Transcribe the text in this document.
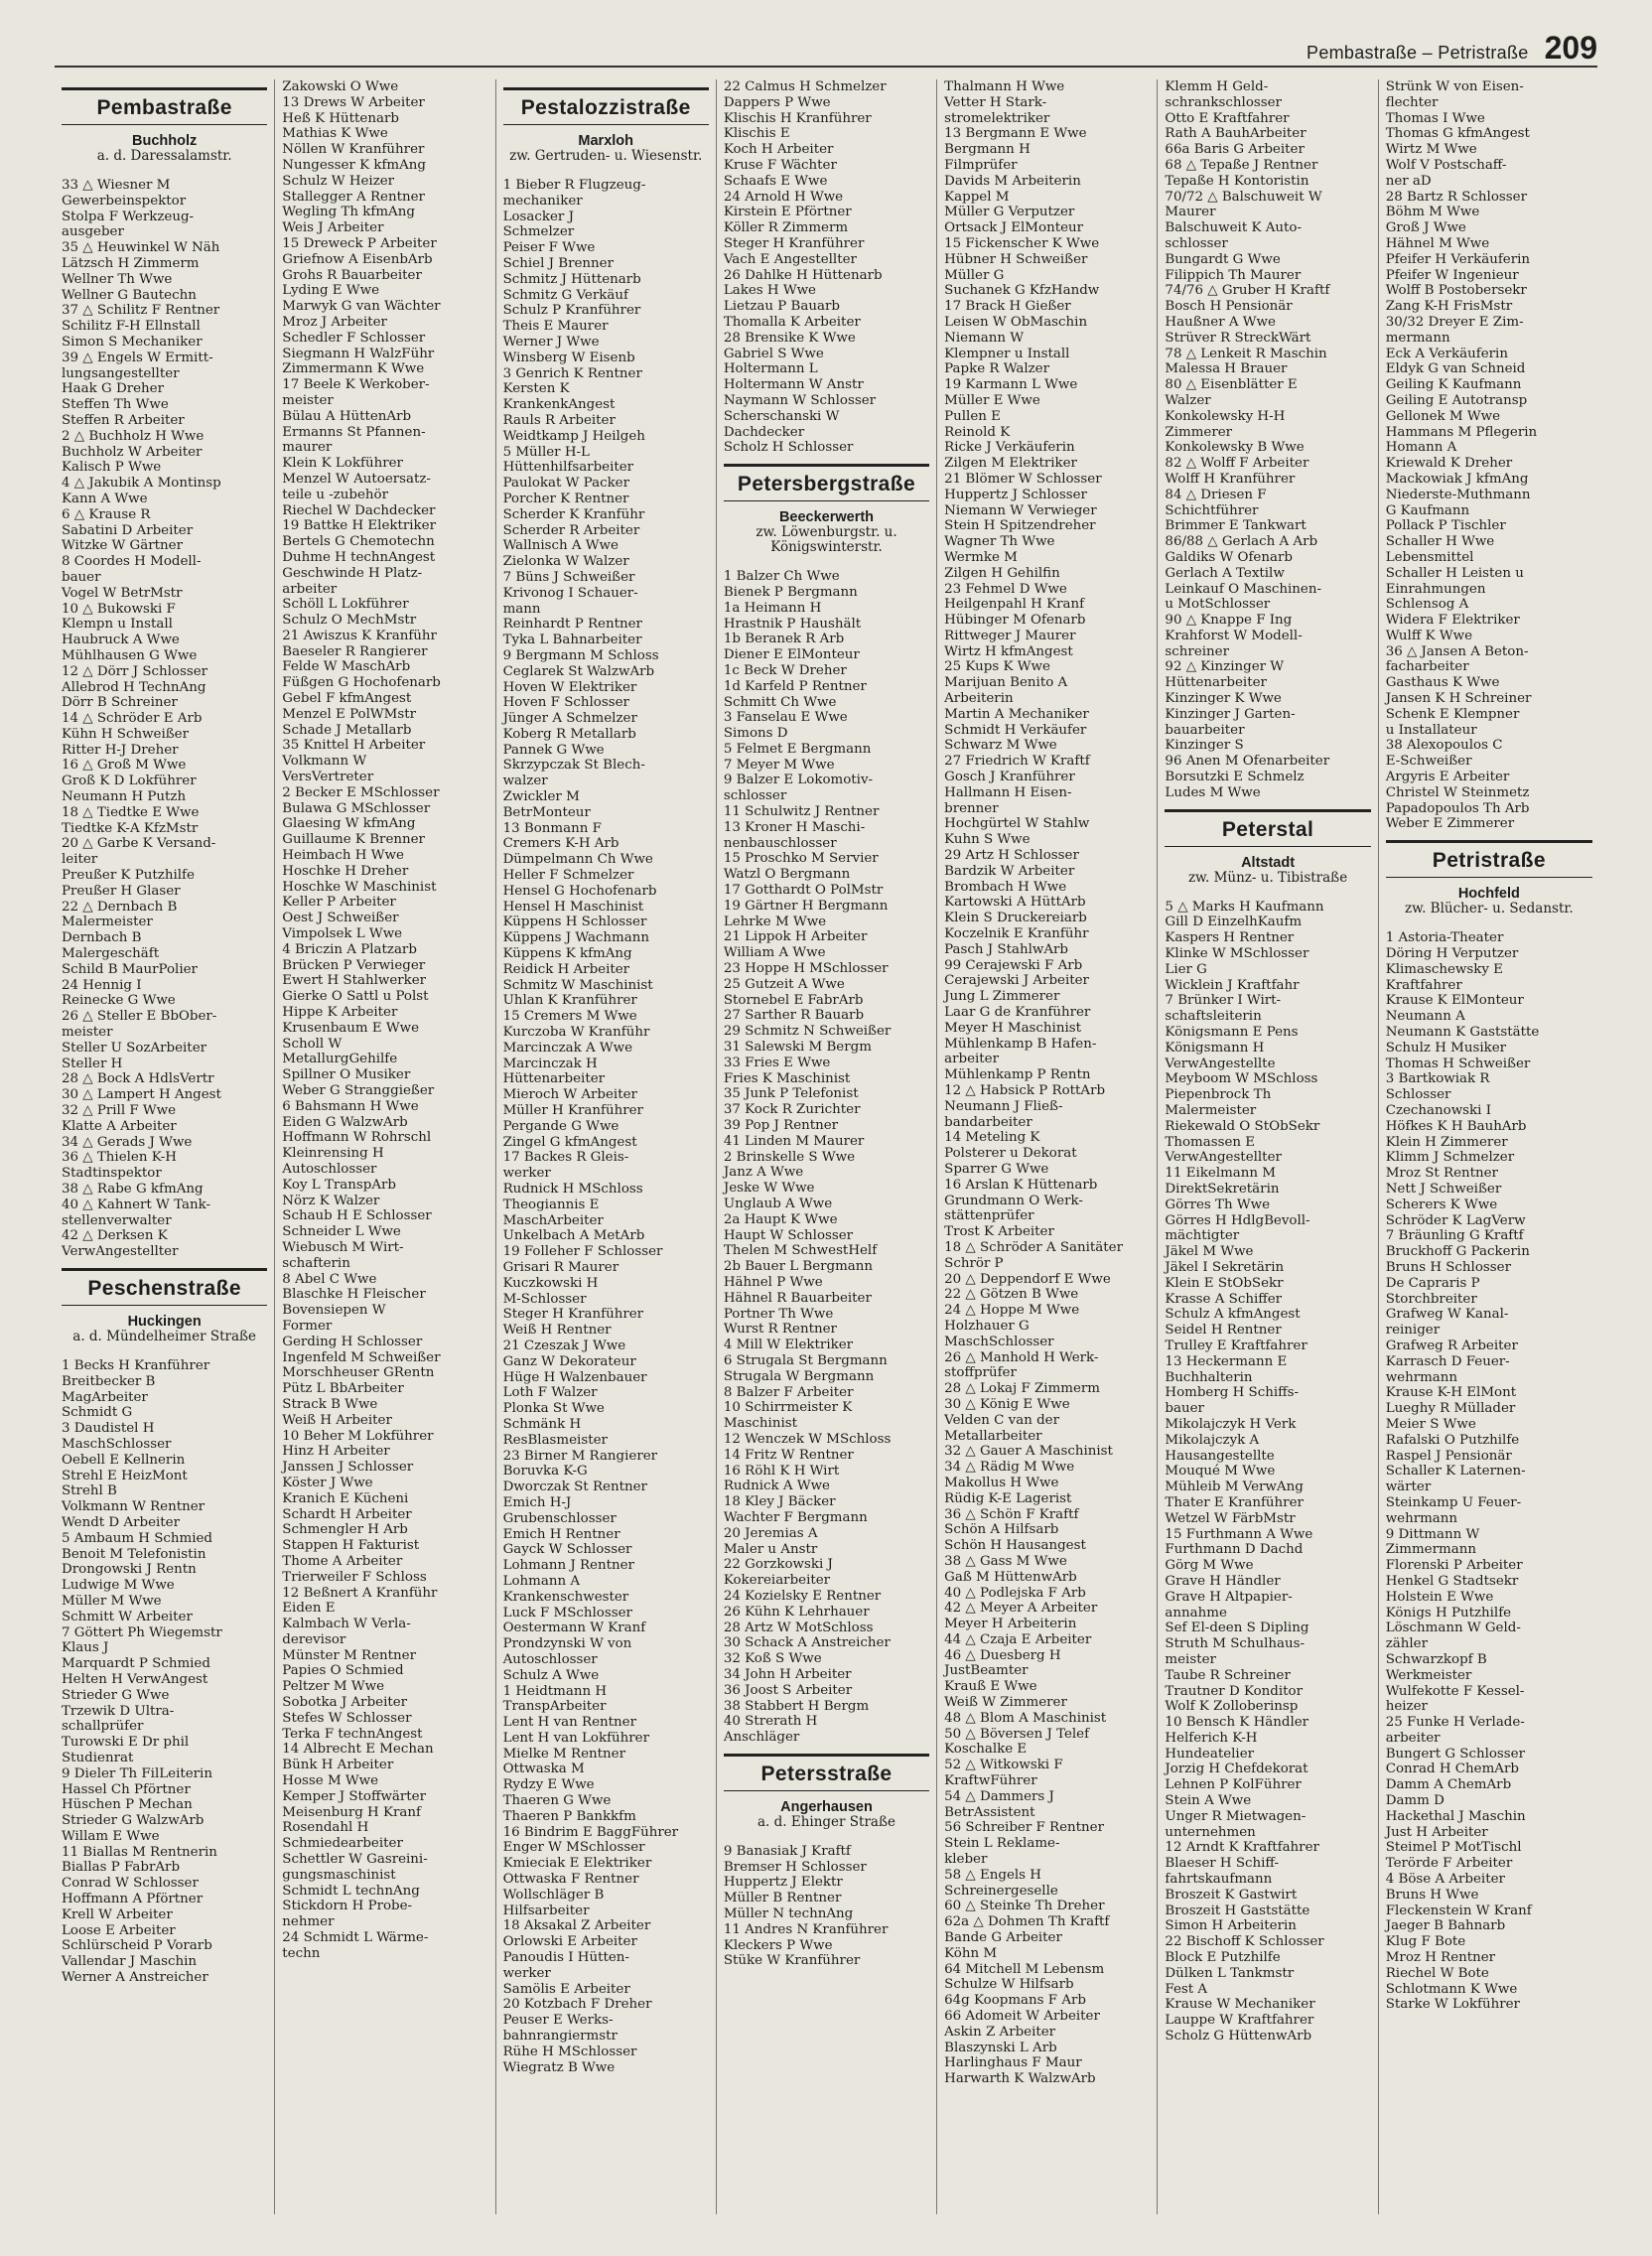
Pembastraße – Petristraße 209
Pembastraße
Buchholz
a. d. Daressalamstr.
33 △ Wiesner M
Gewerbeinspektor
Stolpa F Werkzeug-
ausgeber
35 △ Heuwinkel W Näh
Lätzsch H Zimmerm
Wellner Th Wwe
Wellner G Bautechn
37 △ Schilitz F Rentner
Schilitz F-H Ellnstall
Simon S Mechaniker
39 △ Engels W Ermitt-
lungsangestellter
Haak G Dreher
Steffen Th Wwe
Steffen R Arbeiter
2 △ Buchholz H Wwe
Buchholz W Arbeiter
Kalisch P Wwe
4 △ Jakubik A Montinsp
Kann A Wwe
6 △ Krause R
Sabatini D Arbeiter
Witzke W Gärtner
8 Coordes H Modell-
bauer
Vogel W BetrMstr
10 △ Bukowski F
Klempn u Install
Haubruck A Wwe
Mühlhausen G Wwe
12 △ Dörr J Schlosser
Allebrod H TechnAng
Dörr B Schreiner
14 △ Schröder E Arb
Kühn H Schweißer
Ritter H-J Dreher
16 △ Groß M Wwe
Groß K D Lokführer
Neumann H Putzh
18 △ Tiedtke E Wwe
Tiedtke K-A KfzMstr
20 △ Garbe K Versand-
leiter
Preußer K Putzhilfe
Preußer H Glaser
22 △ Dernbach B
Malermeister
Dernbach B
Malergeschäft
Schild B MaurPolier
24 Hennig I
Reinecke G Wwe
26 △ Steller E BbOber-
meister
Steller U SozArbeiter
Steller H
28 △ Bock A HdlsVertr
30 △ Lampert H Angest
32 △ Prill F Wwe
Klatte A Arbeiter
34 △ Gerads J Wwe
36 △ Thielen K-H
Stadtinspektor
38 △ Rabe G kfmAng
40 △ Kahnert W Tank-
stellenverwalter
42 △ Derksen K
VerwAngestellter
Peschenstraße
Huckingen
a. d. Mündelheimer Straße
1 Becks H Kranführer
Breitbecker B
MagArbeiter
Schmidt G
3 Daudistel H
MaschSchlosser
Oebell E Kellnerin
Strehl E HeizMont
Strehl B
Volkmann W Rentner
Wendt D Arbeiter
5 Ambaum H Schmied
Benoit M Telefonistin
Drongowski J Rentn
Ludwige M Wwe
Müller M Wwe
Schmitt W Arbeiter
7 Göttert Ph Wiegemstr
Klaus J
Marquardt P Schmied
Helten H VerwAngest
Strieder G Wwe
Trzewik D Ultra-
schallprüfer
Turowski E Dr phil
Studienrat
9 Dieler Th FilLeiterin
Hassel Ch Pförtner
Hüschen P Mechan
Strieder G WalzwArb
Willam E Wwe
11 Biallas M Rentnerin
Biallas P FabrArb
Conrad W Schlosser
Hoffmann A Pförtner
Krell W Arbeiter
Loose E Arbeiter
Schlürscheid P Vorarb
Vallendar J Maschin
Werner A Anstreicher
Zakowski O Wwe
13 Drews W Arbeiter
Heß K Hüttenarb
Mathias K Wwe
Nöllen W Kranführer
Nungesser K kfmAng
Schulz W Heizer
Stallegger A Rentner
Wegling Th kfmAng
Weis J Arbeiter
15 Dreweck P Arbeiter
Griefnow A EisenbArb
Grohs R Bauarbeiter
Lyding E Wwe
Marwyk G van Wächter
Mroz J Arbeiter
Schedler F Schlosser
Siegmann H WalzFühr
Zimmermann K Wwe
17 Beele K Werkober-
meister
Bülau A HüttenArb
Ermanns St Pfannen-
maurer
Klein K Lokführer
Menzel W Autoersatz-
teile u -zubehör
Riechel W Dachdecker
19 Battke H Elektriker
Bertels G Chemotechn
Duhme H technAngest
Geschwinde H Platz-
arbeiter
Schöll L Lokführer
Schulz O MechMstr
21 Awiszus K Kranführ
Baeseler R Rangierer
Felde W MaschArb
Füßgen G Hochofenarb
Gebel F kfmAngest
Menzel E PolWMstr
Schade J Metallarb
35 Knittel H Arbeiter
Volkmann W
VersVertreter
2 Becker E MSchlosser
Bulawa G MSchlosser
Glaesing W kfmAng
Guillaume K Brenner
Heimbach H Wwe
Hoschke H Dreher
Hoschke W Maschinist
Keller P Arbeiter
Oest J Schweißer
Vimpolsek L Wwe
4 Briczin A Platzarb
Brücken P Verwieger
Ewert H Stahlwerker
Gierke O Sattl u Polst
Hippe K Arbeiter
Krusenbaum E Wwe
Scholl W
MetallurgGehilfe
Spillner O Musiker
Weber G Stranggießer
6 Bahsmann H Wwe
Eiden G WalzwArb
Hoffmann W Rohrschl
Kleinrensing H
Autoschlosser
Koy L TranspArb
Nörz K Walzer
Schaub H E Schlosser
Schneider L Wwe
Wiebusch M Wirt-
schafterin
8 Abel C Wwe
Blaschke H Fleischer
Bovensiepen W
Former
Gerding H Schlosser
Ingenfeld M Schweißer
Morschheuser GRentn
Pütz L BbArbeiter
Strack B Wwe
Weiß H Arbeiter
10 Beher M Lokführer
Hinz H Arbeiter
Janssen J Schlosser
Köster J Wwe
Kranich E Kücheni
Schardt H Arbeiter
Schmengler H Arb
Stappen H Fakturist
Thome A Arbeiter
Trierweiler F Schloss
12 Beßnert A Kranführ
Eiden E
Kalmbach W Verla-
derevisor
Münster M Rentner
Papies O Schmied
Peltzer M Wwe
Sobotka J Arbeiter
Stefes W Schlosser
Terka F technAngest
14 Albrecht E Mechan
Bünk H Arbeiter
Hosse M Wwe
Kemper J Stoffwärter
Meisenburg H Kranf
Rosendahl H
Schmiedearbeiter
Schettler W Gasreini-
gungsmaschinist
Schmidt L technAng
Stickdorn H Probe-
nehmer
24 Schmidt L Wärme-
techn
Pestalozzistraße
Marxloh
zw. Gertruden- u. Wiesenstr.
1 Bieber R Flugzeug-
mechaniker
Losacker J
Schmelzer
Peiser F Wwe
Schiel J Brenner
Schmitz J Hüttenarb
Schmitz G Verkäuf
Schulz P Kranführer
Theis E Maurer
Werner J Wwe
Winsberg W Eisenb
3 Genrich K Rentner
Kersten K
KrankenkAngest
Rauls R Arbeiter
Weidtkamp J Heilgeh
5 Müller H-L
Hüttenhilfsarbeiter
Paulokat W Packer
Porcher K Rentner
Scherder K Kranführ
Scherder R Arbeiter
Wallnisch A Wwe
Zielonka W Walzer
7 Büns J Schweißer
Krivonog I Schauer-
mann
Reinhardt P Rentner
Tyka L Bahnarbeiter
9 Bergmann M Schloss
Ceglarek St WalzwArb
Hoven W Elektriker
Hoven F Schlosser
Jünger A Schmelzer
Koberg R Metallarb
Pannek G Wwe
Skrzypczak St Blech-
walzer
Zwickler M
BetrMonteur
13 Bonmann F
Cremers K-H Arb
Dümpelmann Ch Wwe
Heller F Schmelzer
Hensel G Hochofenarb
Hensel H Maschinist
Küppens H Schlosser
Küppens J Wachmann
Küppens K kfmAng
Reidick H Arbeiter
Schmitz W Maschinist
Uhlan K Kranführer
15 Cremers M Wwe
Kurczoba W Kranführ
Marcinczak A Wwe
Marcinczak H
Hüttenarbeiter
Mieroch W Arbeiter
Müller H Kranführer
Pergande G Wwe
Zingel G kfmAngest
17 Backes R Gleis-
werker
Rudnick H MSchloss
Theogiannis E
MaschArbeiter
Unkelbach A MetArb
19 Folleher F Schlosser
Grisari R Maurer
Kuczkowski H
M-Schlosser
Steger H Kranführer
Weiß H Rentner
21 Czeszak J Wwe
Ganz W Dekorateur
Hüge H Walzenbauer
Loth F Walzer
Plonka St Wwe
Schmänk H
ResBlasmeister
23 Birner M Rangierer
Boruvka K-G
Dworczak St Rentner
Emich H-J
Grubenschlosser
Emich H Rentner
Gayck W Schlosser
Lohmann J Rentner
Lohmann A
Krankenschwester
Luck F MSchlosser
Oestermann W Kranf
Prondzynski W von
Autoschlosser
Schulz A Wwe
1 Heidtmann H
TranspArbeiter
Lent H van Rentner
Lent H van Lokführer
Mielke M Rentner
Ottwaska M
Rydzy E Wwe
Thaeren G Wwe
Thaeren P Bankkfm
16 Bindrim E BaggFührer
Enger W MSchlosser
Kmieciak E Elektriker
Ottwaska F Rentner
Wollschläger B
Hilfsarbeiter
18 Aksakal Z Arbeiter
Orlowski E Arbeiter
Panoudis I Hütten-
werker
Samölis E Arbeiter
20 Kotzbach F Dreher
Peuser E Werks-
bahnrangiermstr
Rühe H MSchlosser
Wiegratz B Wwe
22 Calmus H Schmelzer
Dappers P Wwe
Klischis H Kranführer
Klischis E
Koch H Arbeiter
Kruse F Wächter
Schaafs E Wwe
24 Arnold H Wwe
Kirstein E Pförtner
Köller R Zimmerm
Steger H Kranführer
Vach E Angestellter
26 Dahlke H Hüttenarb
Lakes H Wwe
Lietzau P Bauarb
Thomalla K Arbeiter
28 Brensike K Wwe
Gabriel S Wwe
Holtermann L
Holtermann W Anstr
Naymann W Schlosser
Scherschanski W
Dachdecker
Scholz H Schlosser
Petersbergstraße
Beeckerwerth
zw. Löwenburgstr. u. Königswinterstr.
1 Balzer Ch Wwe
Bienek P Bergmann
1a Heimann H
Hrastnik P Haushält
1b Beranek R Arb
Diener E ElMonteur
1c Beck W Dreher
1d Karfeld P Rentner
Schmitt Ch Wwe
3 Fanselau E Wwe
Simons D
5 Felmet E Bergmann
7 Meyer M Wwe
9 Balzer E Lokomotiv-
schlosser
11 Schulwitz J Rentner
13 Kroner H Maschi-
nenbauschlosser
15 Proschko M Servier
Watzl O Bergmann
17 Gotthardt O PolMstr
19 Gärtner H Bergmann
Lehrke M Wwe
21 Lippok H Arbeiter
William A Wwe
23 Hoppe H MSchlosser
25 Gutzeit A Wwe
Stornebel E FabrArb
27 Sarther R Bauarb
29 Schmitz N Schweißer
31 Salewski M Bergm
33 Fries E Wwe
Fries K Maschinist
35 Junk P Telefonist
37 Kock R Zurichter
39 Pop J Rentner
41 Linden M Maurer
2 Brinskelle S Wwe
Janz A Wwe
Jeske W Wwe
Unglaub A Wwe
2a Haupt K Wwe
Haupt W Schlosser
Thelen M SchwestHelf
2b Bauer L Bergmann
Hähnel P Wwe
Hähnel R Bauarbeiter
Portner Th Wwe
Wurst R Rentner
4 Mill W Elektriker
6 Strugala St Bergmann
Strugala W Bergmann
8 Balzer F Arbeiter
10 Schirrmeister K
Maschinist
12 Wenczek W MSchloss
14 Fritz W Rentner
16 Röhl K H Wirt
Rudnick A Wwe
18 Kley J Bäcker
Wachter F Bergmann
20 Jeremias A
Maler u Anstr
22 Gorzkowski J
Kokereiarbeiter
24 Kozielsky E Rentner
26 Kühn K Lehrhauer
28 Artz W MotSchloss
30 Schack A Anstreicher
32 Koß S Wwe
34 John H Arbeiter
36 Joost S Arbeiter
38 Stabbert H Bergm
40 Strerath H
Anschläger
Petersstraße
Angerhausen
a. d. Ehinger Straße
9 Banasiak J Kraftf
Bremser H Schlosser
Huppertz J Elektr
Müller B Rentner
Müller N technAng
11 Andres N Kranführer
Kleckers P Wwe
Stüke W Kranführer
Thalmann H Wwe
Vetter H Stark-
stromelektriker
13 Bergmann E Wwe
Bergmann H
Filmprüfer
Davids M Arbeiterin
Kappel M
Müller G Verputzer
Ortsack J ElMonteur
15 Fickenscher K Wwe
Hübner H Schweißer
Müller G
Suchanek G KfzHandw
17 Brack H Gießer
Leisen W ObMaschin
Niemann W
Klempner u Install
Papke R Walzer
19 Karmann L Wwe
Müller E Wwe
Pullen E
Reinold K
Ricke J Verkäuferin
Zilgen M Elektriker
21 Blömer W Schlosser
Huppertz J Schlosser
Niemann W Verwieger
Stein H Spitzendreher
Wagner Th Wwe
Wermke M
Zilgen H Gehilfin
23 Fehmel D Wwe
Heilgenpahl H Kranf
Hübinger M Ofenarb
Rittweger J Maurer
Wirtz H kfmAngest
25 Kups K Wwe
Marijuan Benito A
Arbeiterin
Martin A Mechaniker
Schmidt H Verkäufer
Schwarz M Wwe
27 Friedrich W Kraftf
Gosch J Kranführer
Hallmann H Eisen-
brenner
Hochgürtel W Stahlw
Kuhn S Wwe
29 Artz H Schlosser
Bardzik W Arbeiter
Brombach H Wwe
Kartowski A HüttArb
Klein S Druckereiarb
Koczelnik E Kranführ
Pasch J StahlwArb
99 Cerajewski F Arb
Cerajewski J Arbeiter
Jung L Zimmerer
Laar G de Kranführer
Meyer H Maschinist
Mühlenkamp B Hafen-
arbeiter
Mühlenkamp P Rentn
12 △ Habsick P RottArb
Neumann J Fließ-
bandarbeiter
14 Meteling K
Polsterer u Dekorat
Sparrer G Wwe
16 Arslan K Hüttenarb
Grundmann O Werk-
stättenprüfer
Trost K Arbeiter
18 △ Schröder A Sanitäter
Schrör P
20 △ Deppendorf E Wwe
22 △ Götzen B Wwe
24 △ Hoppe M Wwe
Holzhauer G
MaschSchlosser
26 △ Manhold H Werk-
stoffprüfer
28 △ Lokaj F Zimmerm
30 △ König E Wwe
Velden C van der
Metallarbeiter
32 △ Gauer A Maschinist
34 △ Rädig M Wwe
Makollus H Wwe
Rüdig K-E Lagerist
36 △ Schön F Kraftf
Schön A Hilfsarb
Schön H Hausangest
38 △ Gass M Wwe
Gaß M HüttenwArb
40 △ Podlejska F Arb
42 △ Meyer A Arbeiter
Meyer H Arbeiterin
44 △ Czaja E Arbeiter
46 △ Duesberg H
JustBeamter
Krauß E Wwe
Weiß W Zimmerer
48 △ Blom A Maschinist
50 △ Böversen J Telef
Koschalke E
52 △ Witkowski F
KraftwFührer
54 △ Dammers J
BetrAssistent
56 Schreiber F Rentner
Stein L Reklame-
kleber
58 △ Engels H
Schreinergeselle
60 △ Steinke Th Dreher
62a △ Dohmen Th Kraftf
Bande G Arbeiter
Köhn M
64 Mitchell M Lebensm
Schulze W Hilfsarb
64g Koopmans F Arb
66 Adomeit W Arbeiter
Askin Z Arbeiter
Blaszynski L Arb
Harlinghaus F Maur
Harwarth K WalzwArb
Klemm H Geld-
schrankschlosser
Otto E Kraftfahrer
Rath A BauhArbeiter
66a Baris G Arbeiter
68 △ Tepaße J Rentner
Tepaße H Kontoristin
70/72 △ Balschuweit W
Maurer
Balschuweit K Auto-
schlosser
Bungardt G Wwe
Filippich Th Maurer
74/76 △ Gruber H Kraftf
Bosch H Pensionär
Haußner A Wwe
Strüver R StreckWärt
78 △ Lenkeit R Maschin
Malessa H Brauer
80 △ Eisenblätter E
Walzer
Konkolewsky H-H
Zimmerer
Konkolewsky B Wwe
82 △ Wolff F Arbeiter
Wolff H Kranführer
84 △ Driesen F
Schichtführer
Brimmer E Tankwart
86/88 △ Gerlach A Arb
Galdiks W Ofenarb
Gerlach A Textilw
Leinkauf O Maschinen-
u MotSchlosser
90 △ Knappe F Ing
Krahforst W Modell-
schreiner
92 △ Kinzinger W
Hüttenarbeiter
Kinzinger K Wwe
Kinzinger J Garten-
bauarbeiter
Kinzinger S
96 Anen M Ofenarbeiter
Borsutzki E Schmelz
Ludes M Wwe
Peterstal
Altstadt
zw. Münz- u. Tibistraße
5 △ Marks H Kaufmann
Gill D EinzelhKaufm
Kaspers H Rentner
Klinke W MSchlosser
Lier G
Wicklein J Kraftfahr
7 Brünker I Wirt-
schaftsleiterin
Königsmann E Pens
Königsmann H
VerwAngestellte
Meyboom W MSchloss
Piepenbrock Th
Malermeister
Riekewald O StObSekr
Thomassen E
VerwAngestellter
11 Eikelmann M
DirektSekretärin
Görres Th Wwe
Görres H HdlgBevoll-
mächtigter
Jäkel M Wwe
Jäkel I Sekretärin
Klein E StObSekr
Krasse A Schiffer
Schulz A kfmAngest
Seidel H Rentner
Trulley E Kraftfahrer
13 Heckermann E
Buchhalterin
Homberg H Schiffs-
bauer
Mikolajczyk H Verk
Mikolajczyk A
Hausangestellte
Mouqué M Wwe
Mühleib M VerwAng
Thater E Kranführer
Wetzel W FärbMstr
15 Furthmann A Wwe
Furthmann D Dachd
Görg M Wwe
Grave H Händler
Grave H Altpapier-
annahme
Sef El-deen S Dipling
Struth M Schulhaus-
meister
Taube R Schreiner
Trautner D Konditor
Wolf K Zolloberinsp
10 Bensch K Händler
Helferich K-H
Hundeatelier
Jorzig H Chefdekorat
Lehnen P KolFührer
Stein A Wwe
Unger R Mietwagen-
unternehmen
12 Arndt K Kraftfahrer
Blaeser H Schiff-
fahrtskaufmann
Broszeit K Gastwirt
Broszeit H Gaststätte
Simon H Arbeiterin
22 Bischoff K Schlosser
Block E Putzhilfe
Dülken L Tankmstr
Fest A
Krause W Mechaniker
Lauppe W Kraftfahrer
Scholz G HüttenwArb
Strünk W von Eisen-
flechter
Thomas I Wwe
Thomas G kfmAngest
Wirtz M Wwe
Wolf V Postschaff-
ner aD
28 Bartz R Schlosser
Böhm M Wwe
Groß J Wwe
Hähnel M Wwe
Pfeifer H Verkäuferin
Pfeifer W Ingenieur
Wolff B Postobersekr
Zang K-H FrisMstr
30/32 Dreyer E Zim-
mermann
Eck A Verkäuferin
Eldyk G van Schneid
Geiling K Kaufmann
Geiling E Autotransp
Gellonek M Wwe
Hammans M Pflegerin
Homann A
Kriewald K Dreher
Mackowiak J kfmAng
Niederste-Muthmann
G Kaufmann
Pollack P Tischler
Schaller H Wwe
Lebensmittel
Schaller H Leisten u
Einrahmungen
Schlensog A
Widera F Elektriker
Wulff K Wwe
36 △ Jansen A Beton-
facharbeiter
Gasthaus K Wwe
Jansen K H Schreiner
Schenk E Klempner
u Installateur
38 Alexopoulos C
E-Schweißer
Argyris E Arbeiter
Christel W Steinmetz
Papadopoulos Th Arb
Weber E Zimmerer
Petristraße
Hochfeld
zw. Blücher- u. Sedanstr.
1 Astoria-Theater
Döring H Verputzer
Klimaschewsky E
Kraftfahrer
Krause K ElMonteur
Neumann A
Neumann K Gaststätte
Schulz H Musiker
Thomas H Schweißer
3 Bartkowiak R
Schlosser
Czechanowski I
Höfkes K H BauhArb
Klein H Zimmerer
Klimm J Schmelzer
Mroz St Rentner
Nett J Schweißer
Scherers K Wwe
Schröder K LagVerw
7 Bräunling G Kraftf
Bruckhoff G Packerin
Bruns H Schlosser
De Capraris P
Storchbreiter
Grafweg W Kanal-
reiniger
Grafweg R Arbeiter
Karrasch D Feuer-
wehrmann
Krause K-H ElMont
Lueghy R Müllader
Meier S Wwe
Rafalski O Putzhilfe
Raspel J Pensionär
Schaller K Laternen-
wärter
Steinkamp U Feuer-
wehrmann
9 Dittmann W
Zimmermann
Florenski P Arbeiter
Henkel G Stadtsekr
Holstein E Wwe
Königs H Putzhilfe
Löschmann W Geld-
zähler
Schwarzkopf B
Werkmeister
Wulfekotte F Kessel-
heizer
25 Funke H Verlade-
arbeiter
Bungert G Schlosser
Conrad H ChemArb
Damm A ChemArb
Damm D
Hackethal J Maschin
Just H Arbeiter
Steimel P MotTischl
Terörde F Arbeiter
4 Böse A Arbeiter
Bruns H Wwe
Fleckenstein W Kranf
Jaeger B Bahnarb
Klug F Bote
Mroz H Rentner
Riechel W Bote
Schlotmann K Wwe
Starke W Lokführer
